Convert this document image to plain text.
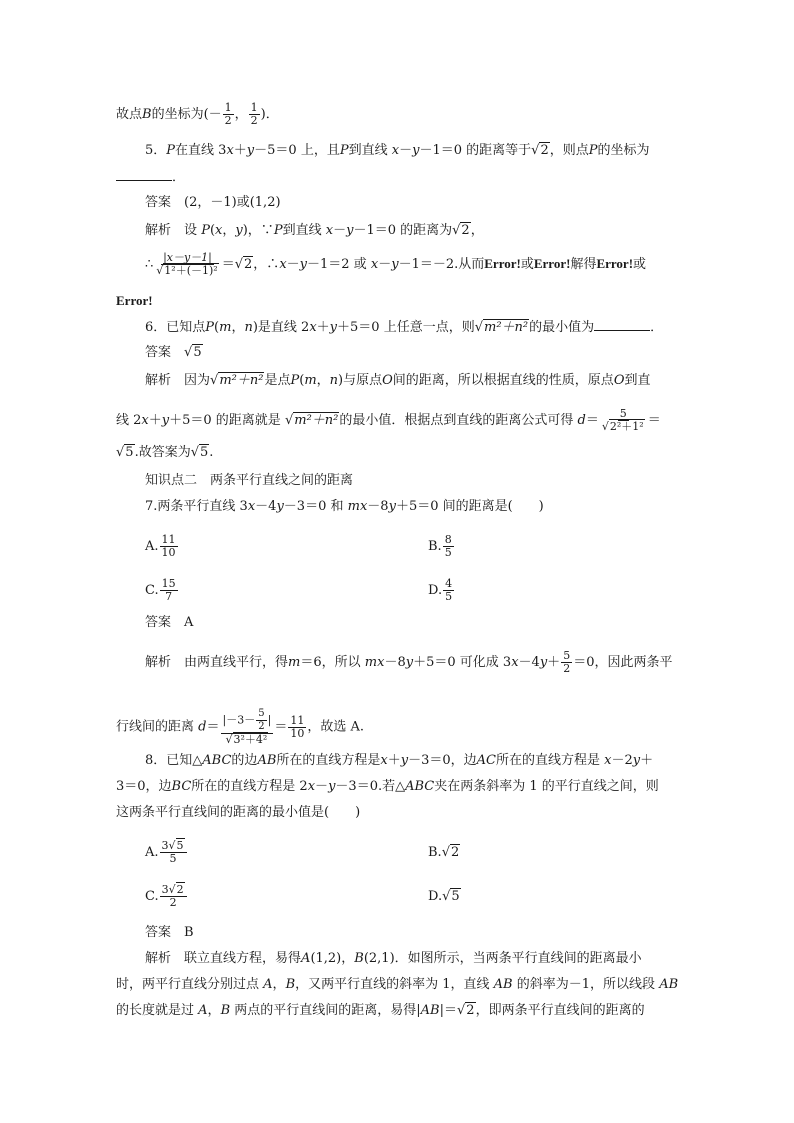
故点B的坐标为(－ $\frac{1}{2}$ ， $\frac{1}{2}$ )．
5．P在直线 3x＋y－5＝0 上，且P到直线 x－y－1＝0 的距离等于√2，则点P的坐标为
．
答案　 (2，－1)或(1,2)
解析　 设 P(x，y)，∵P到直线 x－y－1＝0 的距离为√2，
∴ $\frac{|x-y-1|}{\text{√1²＋(－1)²}} =√2$，∴x－y－1＝2 或 x－y－1＝－2.从而Error!或Error!解得Error!或
Error!
6．已知点P(m，n)是直线 2x＋y＋5＝0 上任意一点，则√m²＋n²的最小值为	．
答案　 √5
解析　 因为√m²＋n²是点P(m，n)与原点O间的距离，所以根据直线的性质，原点O到直
线 2x＋y＋5＝0 的距离就是 √m²＋n²的最小值．根据点到直线的距离公式可得 $d= \frac{5}{\text{√2²＋1²}}$ ＝
√5.故答案为√5.
知识点二　两条平行直线之间的距离
7.两条平行直线 3x－4y－3＝0 和 mx－8y＋5＝0 间的距离是(　　)
A. $\frac{11}{10}$	B. $\frac{8}{5}$
C. $\frac{15}{7}$	D. $\frac{4}{5}$
答案　 A
解析　 由两直线平行，得m＝6，所以 mx－8y＋5＝0 可化成 $3x-4y+ \frac{5}{2} =0$，因此两条平
行线间的距离 $d= \frac{|-3- \frac{5}{2} |}{\text{√3²＋4²}} = \frac{11}{10}$ ，故选 A.
8．已知△ABC的边AB所在的直线方程是x＋y－3＝0，边AC所在的直线方程是 x－2y＋
3＝0，边BC所在的直线方程是 2x－y－3＝0.若△ABC夹在两条斜率为 1 的平行直线之间，则
这两条平行直线间的距离的最小值是(　　)
A. $\frac{3√5}{5}$	B.√2
C. $\frac{3√2}{2}$	D.√5
答案　 B
解析　 联立直线方程，易得A(1,2)，B(2,1)．如图所示，当两条平行直线间的距离最小
时，两平行直线分别过点 A，B，又两平行直线的斜率为 1，直线 AB 的斜率为－1，所以线段 AB
的长度就是过 A，B 两点的平行直线间的距离，易得|AB|＝√2，即两条平行直线间的距离的
